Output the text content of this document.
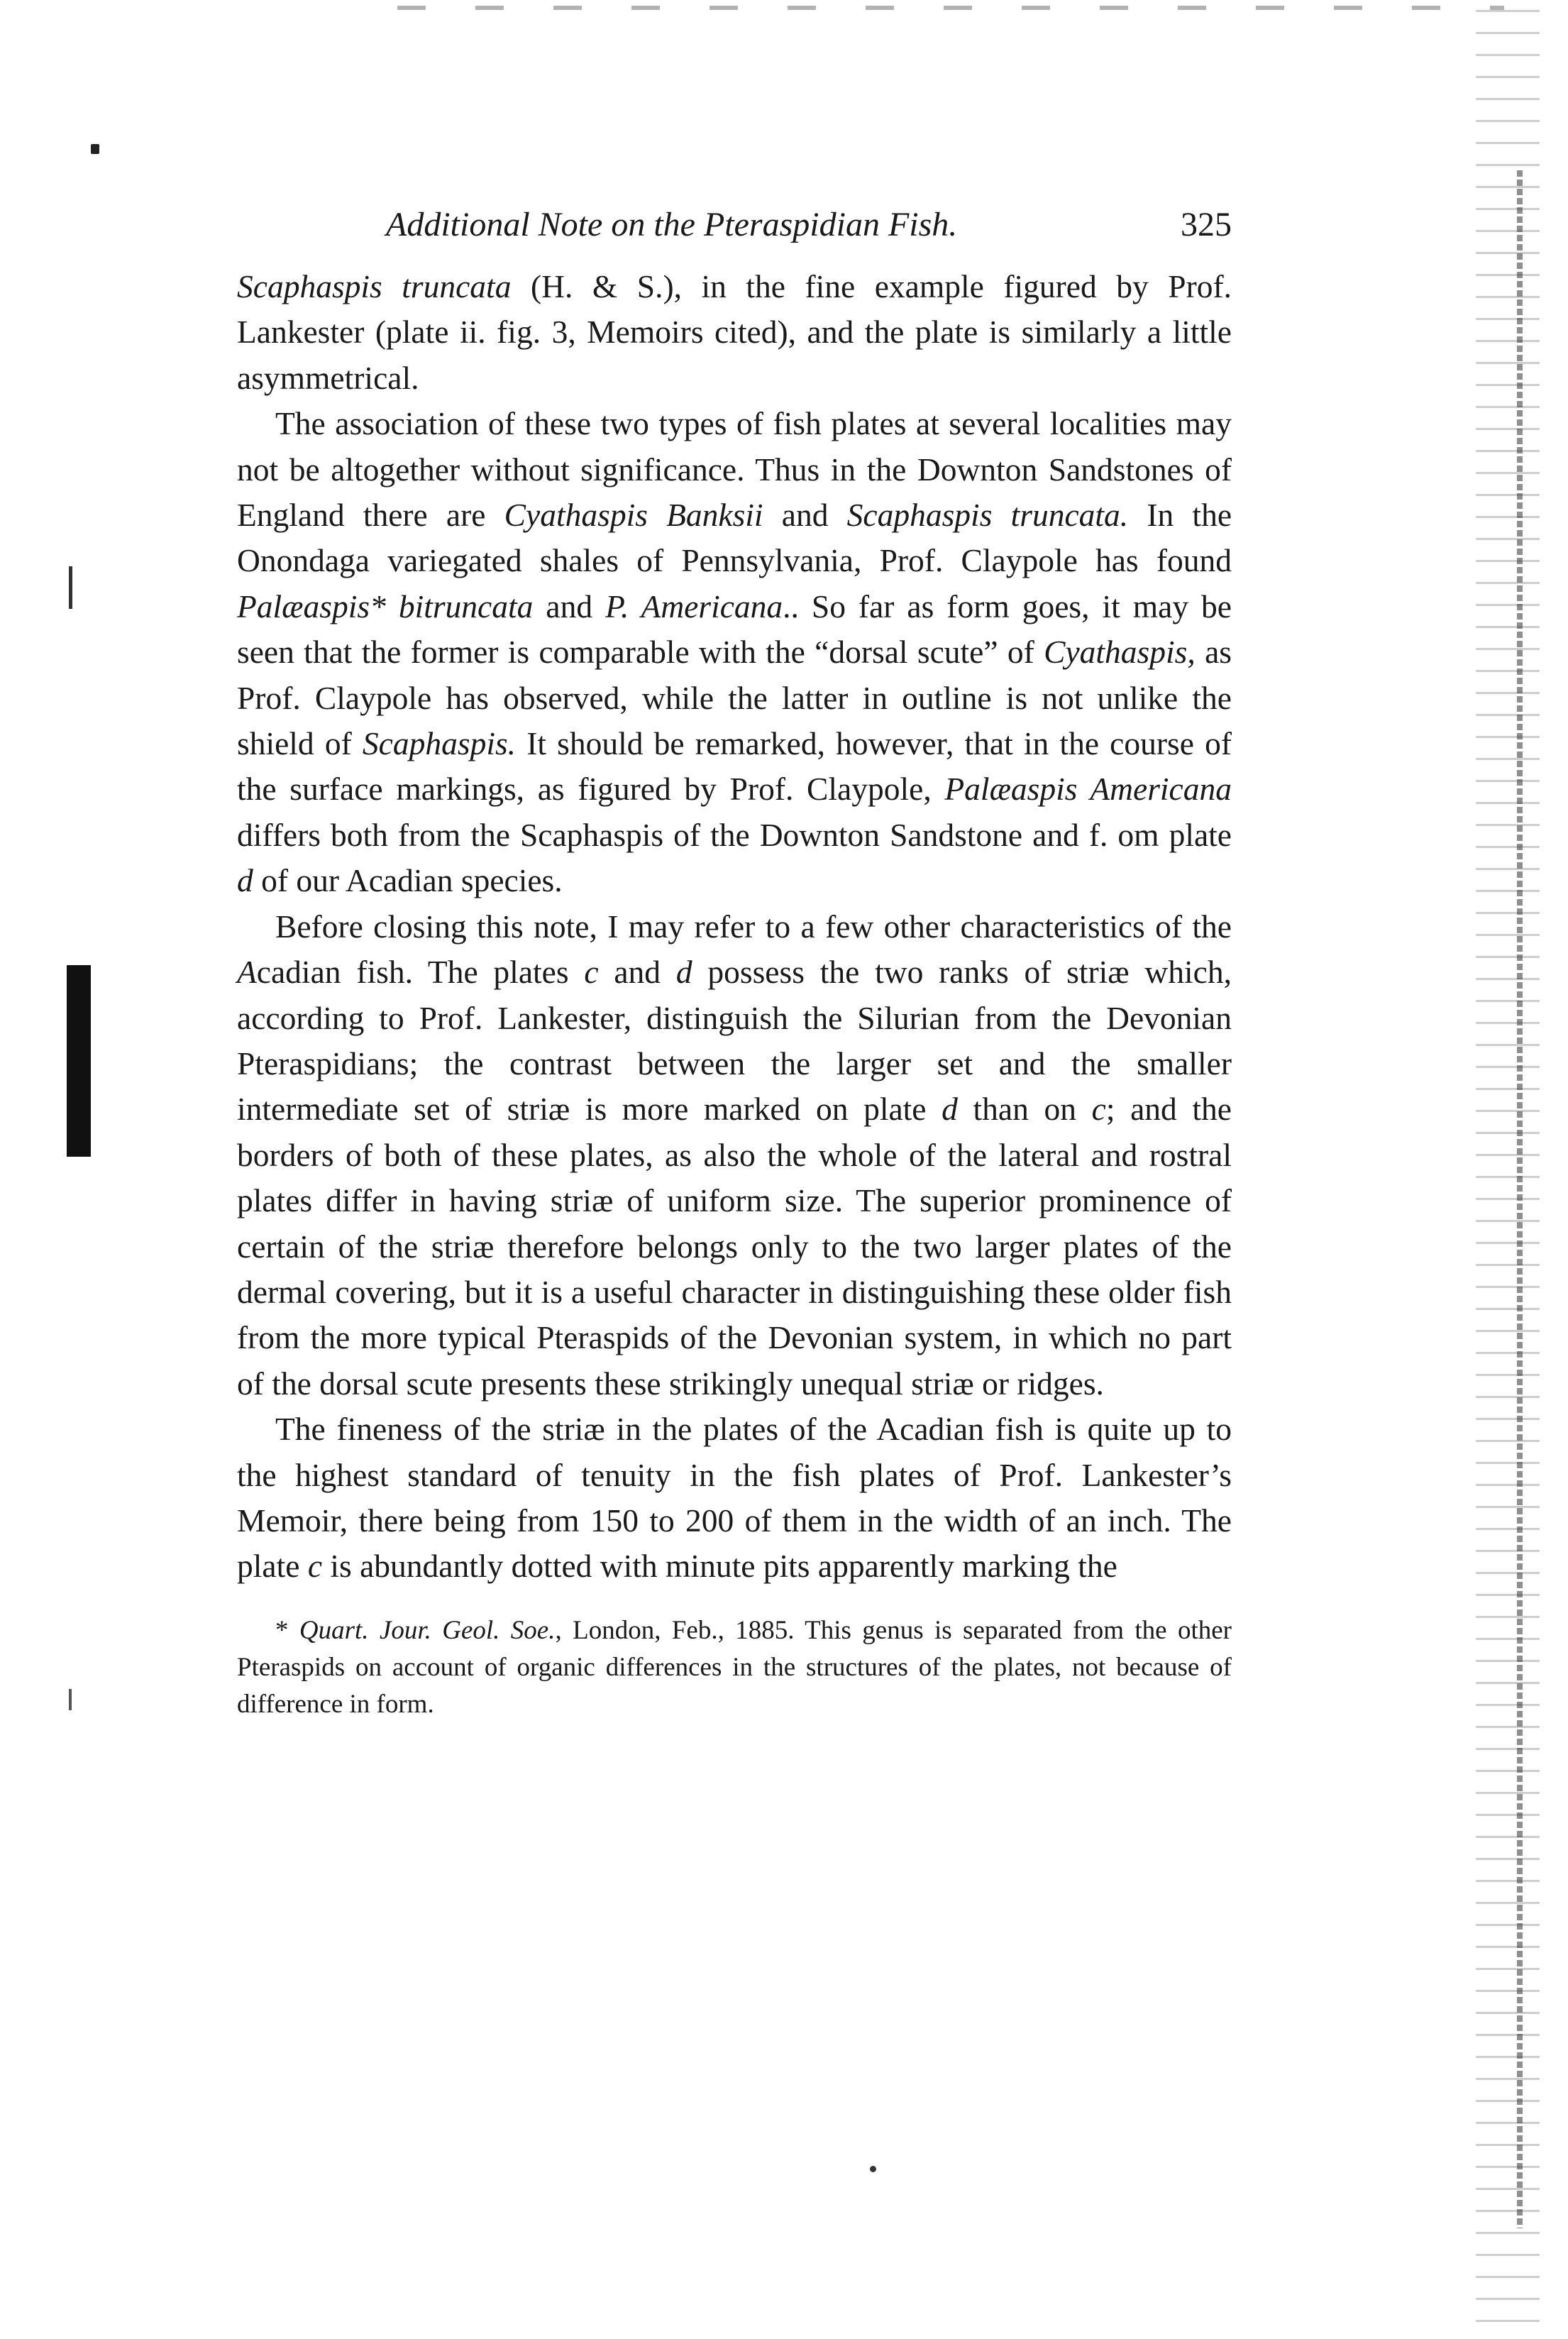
Additional Note on the Pteraspidian Fish.	325

Scaphaspis truncata (H. & S.), in the fine example figured by Prof. Lankester (plate ii. fig. 3, Memoirs cited), and the plate is similarly a little asymmetrical.

The association of these two types of fish plates at several localities may not be altogether without significance. Thus in the Downton Sandstones of England there are Cyathaspis Banksii and Scaphaspis truncata. In the Onondaga variegated shales of Pennsylvania, Prof. Claypole has found Palæaspis* bitruncata and P. Americana.. So far as form goes, it may be seen that the former is comparable with the “dorsal scute” of Cyathaspis, as Prof. Claypole has observed, while the latter in outline is not unlike the shield of Scaphaspis. It should be remarked, however, that in the course of the surface markings, as figured by Prof. Claypole, Palæaspis Americana differs both from the Scaphaspis of the Downton Sandstone and f. om plate d of our Acadian species.

Before closing this note, I may refer to a few other characteristics of the Acadian fish. The plates c and d possess the two ranks of striæ which, according to Prof. Lankester, distinguish the Silurian from the Devonian Pteraspidians; the contrast between the larger set and the smaller intermediate set of striæ is more marked on plate d than on c; and the borders of both of these plates, as also the whole of the lateral and rostral plates differ in having striæ of uniform size. The superior prominence of certain of the striæ therefore belongs only to the two larger plates of the dermal covering, but it is a useful character in distinguishing these older fish from the more typical Pteraspids of the Devonian system, in which no part of the dorsal scute presents these strikingly unequal striæ or ridges.

The fineness of the striæ in the plates of the Acadian fish is quite up to the highest standard of tenuity in the fish plates of Prof. Lankester’s Memoir, there being from 150 to 200 of them in the width of an inch. The plate c is abundantly dotted with minute pits apparently marking the

* Quart. Jour. Geol. Soe., London, Feb., 1885. This genus is separated from the other Pteraspids on account of organic differences in the structures of the plates, not because of difference in form.
